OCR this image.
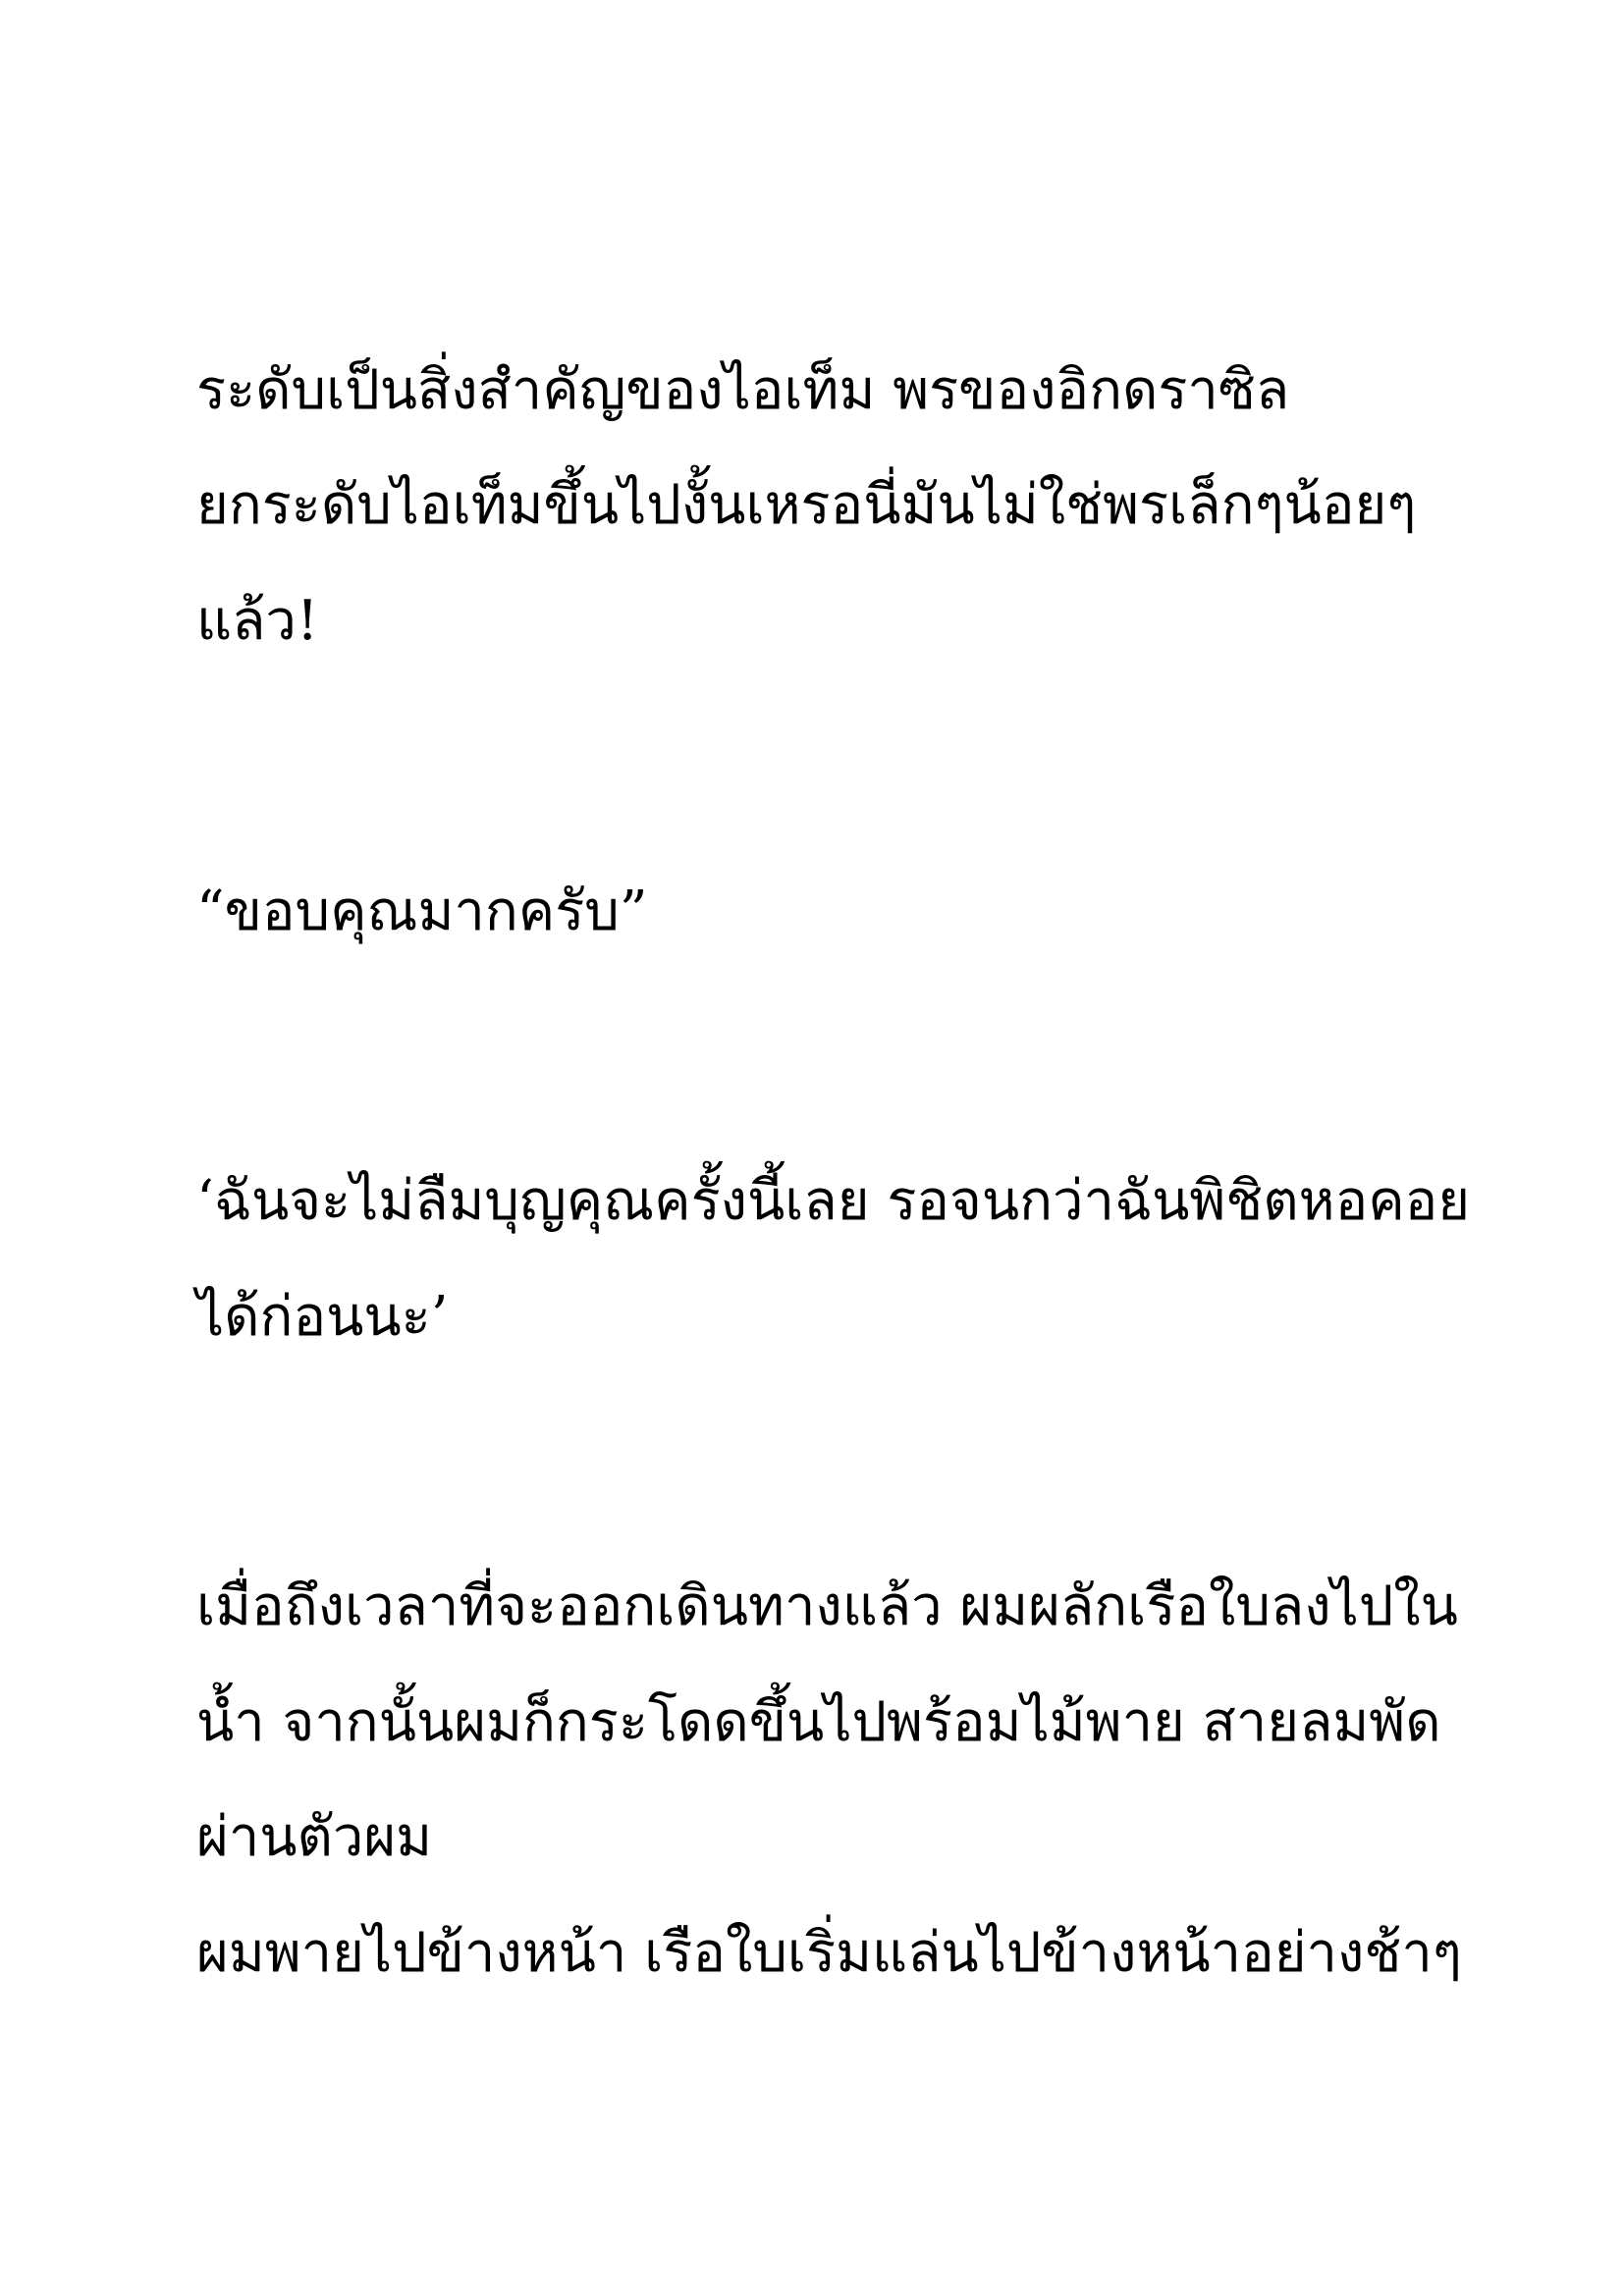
ระดับเป็นสิ่งสำคัญของไอเท็ม พรของอิกดราซิล

ยกระดับไอเท็มขึ้นไปงั้นเหรอนี่มันไม่ใช่พรเล็กๆน้อยๆ

แล้ว!

“ขอบคุณมากครับ”

‘ฉันจะไม่ลืมบุญคุณครั้งนี้เลย รอจนกว่าฉันพิชิตหอคอย

ได้ก่อนนะ’

เมื่อถึงเวลาที่จะออกเดินทางแล้ว ผมผลักเรือใบลงไปใน

น้ำ จากนั้นผมก็กระโดดขึ้นไปพร้อมไม้พาย สายลมพัด

ผ่านตัวผม

ผมพายไปข้างหน้า เรือใบเริ่มแล่นไปข้างหน้าอย่างช้าๆ
